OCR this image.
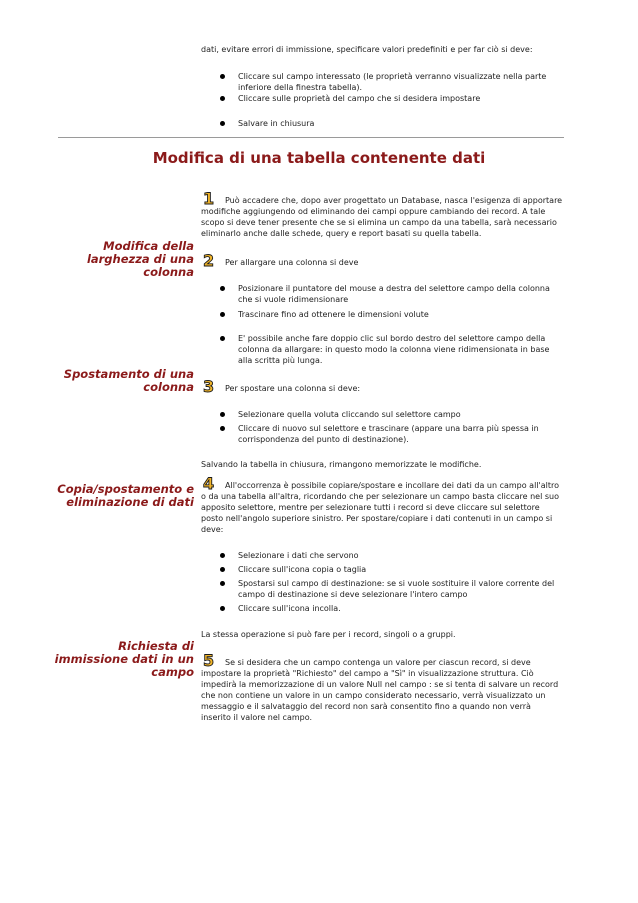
dati, evitare errori di immissione, specificare valori predefiniti e per far ciò si deve:

Cliccare sul campo interessato (le proprietà verranno visualizzate nella parte inferiore della finestra tabella).
Cliccare sulle proprietà del campo che si desidera impostare
Salvare in chiusura
Modifica di una tabella contenente dati

1 Può accadere che, dopo aver progettato un Database, nasca l'esigenza di apportare modifiche aggiungendo od eliminando dei campi oppure cambiando dei record. A tale scopo si deve tener presente che se si elimina un campo da una tabella, sarà necessario eliminarlo anche dalle schede, query e report basati su quella tabella.

Modifica della larghezza di una colonna

2 Per allargare una colonna si deve

Posizionare il puntatore del mouse a destra del selettore campo della colonna che si vuole ridimensionare
Trascinare fino ad ottenere le dimensioni volute
E' possibile anche fare doppio clic sul bordo destro del selettore campo della colonna da allargare: in questo modo la colonna viene ridimensionata in base alla scritta più lunga.
Spostamento di una colonna 3 Per spostare una colonna si deve:

Selezionare quella voluta cliccando sul selettore campo
Cliccare di nuovo sul selettore e trascinare (appare una barra più spessa in corrispondenza del punto di destinazione).

Salvando la tabella in chiusura, rimangono memorizzate le modifiche.

Copia/spostamento e eliminazione di dati

4 All'occorrenza è possibile copiare/spostare e incollare dei dati da un campo all'altro o da una tabella all'altra, ricordando che per selezionare un campo basta cliccare nel suo apposito selettore, mentre per selezionare tutti i record si deve cliccare sul selettore posto nell'angolo superiore sinistro. Per spostare/copiare i dati contenuti in un campo si deve:

Selezionare i dati che servono
Cliccare sull'icona copia o taglia
Spostarsi sul campo di destinazione: se si vuole sostituire il valore corrente del campo di destinazione si deve selezionare l'intero campo
Cliccare sull'icona incolla.

La stessa operazione si può fare per i record, singoli o a gruppi.

Richiesta di immissione dati in un campo

5 Se si desidera che un campo contenga un valore per ciascun record, si deve impostare la proprietà "Richiesto" del campo a "Sì" in visualizzazione struttura. Ciò impedirà la memorizzazione di un valore Null nel campo : se si tenta di salvare un record che non contiene un valore in un campo considerato necessario, verrà visualizzato un messaggio e il salvataggio del record non sarà consentito fino a quando non verrà inserito il valore nel campo.
